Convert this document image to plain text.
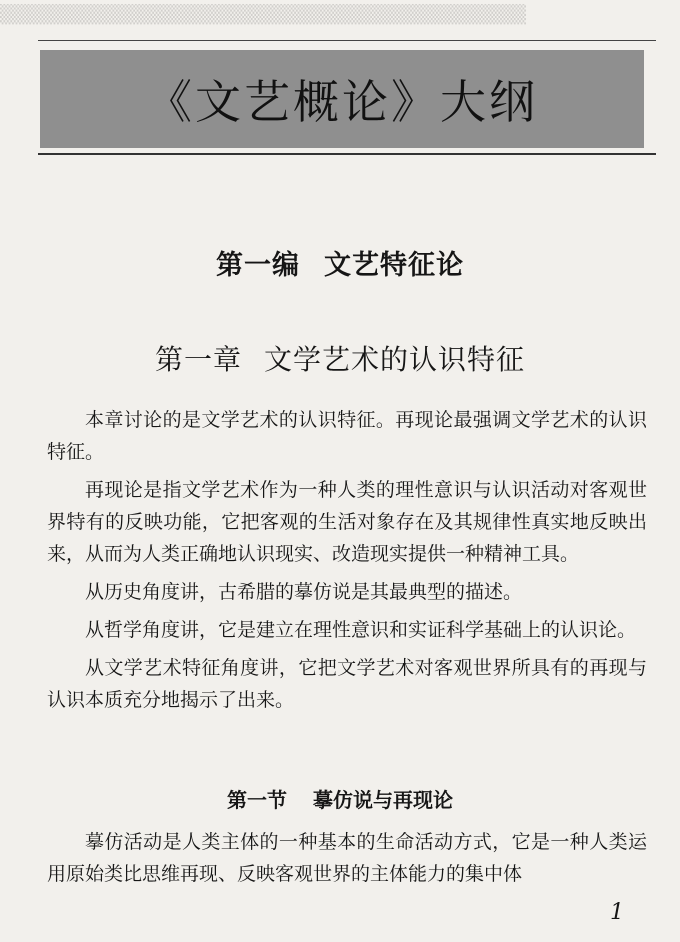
▒▒▒▒▒▒▒▒▒▒▒▒▒▒▒▒▒▒▒▒▒▒▒▒▒▒▒▒▒▒▒▒▒▒▒▒▒▒
《文艺概论》大纲
第一编 文艺特征论
第一章 文学艺术的认识特征

本章讨论的是文学艺术的认识特征。再现论最强调文学艺术的认识特征。

再现论是指文学艺术作为一种人类的理性意识与认识活动对客观世界特有的反映功能，它把客观的生活对象存在及其规律性真实地反映出来，从而为人类正确地认识现实、改造现实提供一种精神工具。

从历史角度讲，古希腊的摹仿说是其最典型的描述。

从哲学角度讲，它是建立在理性意识和实证科学基础上的认识论。

从文学艺术特征角度讲，它把文学艺术对客观世界所具有的再现与认识本质充分地揭示了出来。

第一节 摹仿说与再现论

摹仿活动是人类主体的一种基本的生命活动方式，它是一种人类运用原始类比思维再现、反映客观世界的主体能力的集中体

1
